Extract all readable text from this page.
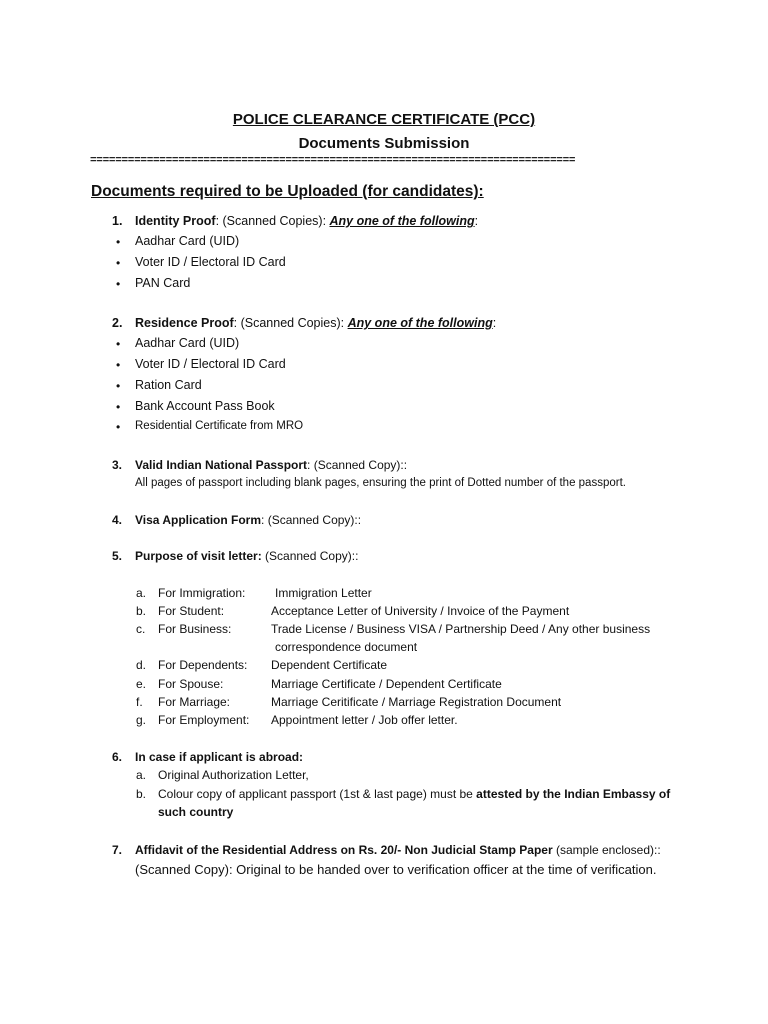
POLICE CLEARANCE CERTIFICATE (PCC)
Documents Submission
=============================================================================
Documents required to be Uploaded (for candidates):
1. Identity Proof: (Scanned Copies): Any one of the following:
• Aadhar Card (UID)
• Voter ID / Electoral ID Card
• PAN Card
2. Residence Proof: (Scanned Copies): Any one of the following:
• Aadhar Card (UID)
• Voter ID / Electoral ID Card
• Ration Card
• Bank Account Pass Book
• Residential Certificate from MRO
3. Valid Indian National Passport: (Scanned Copy)::
All pages of passport including blank pages, ensuring the print of Dotted number of the passport.
4. Visa Application Form: (Scanned Copy)::
5. Purpose of visit letter: (Scanned Copy)::
a. For Immigration: Immigration Letter
b. For Student:	Acceptance Letter of University / Invoice of the Payment
c. For Business:	Trade License / Business VISA / Partnership Deed / Any other business
correspondence document
d. For Dependents: Dependent Certificate
e. For Spouse:	Marriage Certificate / Dependent Certificate
f. For Marriage:	Marriage Ceritificate / Marriage Registration Document
g. For Employment: Appointment letter / Job offer letter.
6. In case if applicant is abroad:
a. Original Authorization Letter,
b. Colour copy of applicant passport (1st & last page) must be attested by the Indian Embassy of
such country
7. Affidavit of the Residential Address on Rs. 20/- Non Judicial Stamp Paper (sample enclosed)::
(Scanned Copy): Original to be handed over to verification officer at the time of verification.
